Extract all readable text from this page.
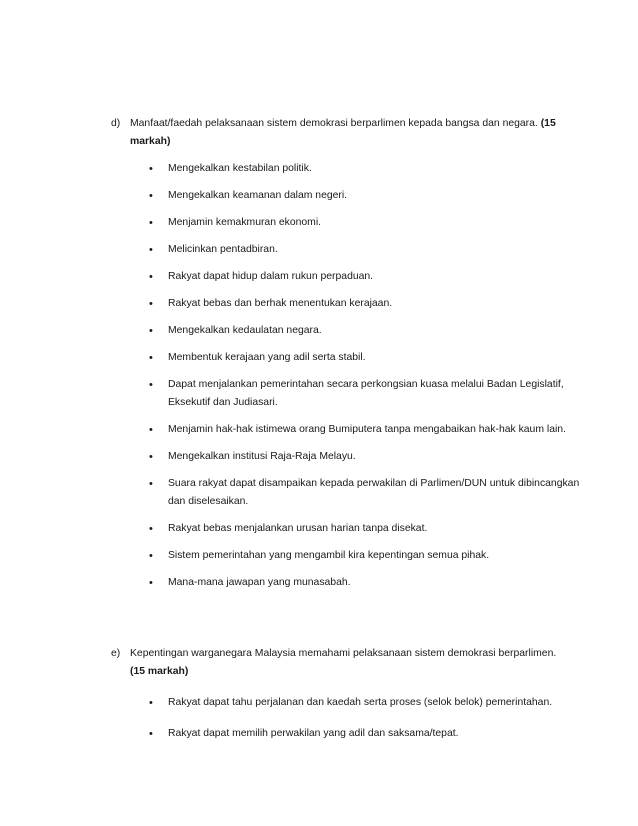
d) Manfaat/faedah pelaksanaan sistem demokrasi berparlimen kepada bangsa dan negara. (15 markah)
• Mengekalkan kestabilan politik.
• Mengekalkan keamanan dalam negeri.
• Menjamin kemakmuran ekonomi.
• Melicinkan pentadbiran.
• Rakyat dapat hidup dalam rukun perpaduan.
• Rakyat bebas dan berhak menentukan kerajaan.
• Mengekalkan kedaulatan negara.
• Membentuk kerajaan yang adil serta stabil.
• Dapat menjalankan pemerintahan secara perkongsian kuasa melalui Badan Legislatif, Eksekutif dan Judiasari.
• Menjamin hak-hak istimewa orang Bumiputera tanpa mengabaikan hak-hak kaum lain.
• Mengekalkan institusi Raja-Raja Melayu.
• Suara rakyat dapat disampaikan kepada perwakilan di Parlimen/DUN untuk dibincangkan dan diselesaikan.
• Rakyat bebas menjalankan urusan harian tanpa disekat.
• Sistem pemerintahan yang mengambil kira kepentingan semua pihak.
• Mana-mana jawapan yang munasabah.
e) Kepentingan warganegara Malaysia memahami pelaksanaan sistem demokrasi berparlimen.
(15 markah)
• Rakyat dapat tahu perjalanan dan kaedah serta proses (selok belok) pemerintahan.
• Rakyat dapat memilih perwakilan yang adil dan saksama/tepat.
